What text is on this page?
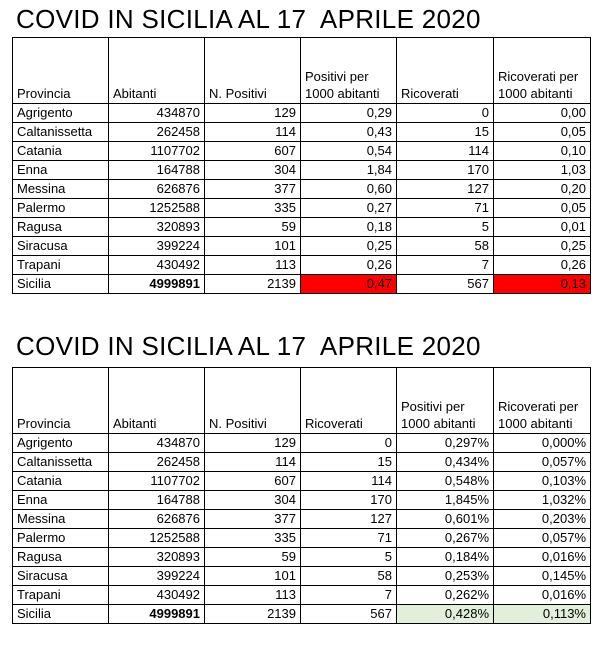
COVID IN SICILIA AL 17  APRILE 2020
Provincia	Abitanti	N. Positivi	Positivi per 1000 abitanti	Ricoverati	Ricoverati per 1000 abitanti
Agrigento	434870	129	0,29	0	0,00
Caltanissetta	262458	114	0,43	15	0,05
Catania	1107702	607	0,54	114	0,10
Enna	164788	304	1,84	170	1,03
Messina	626876	377	0,60	127	0,20
Palermo	1252588	335	0,27	71	0,05
Ragusa	320893	59	0,18	5	0,01
Siracusa	399224	101	0,25	58	0,25
Trapani	430492	113	0,26	7	0,26
Sicilia	4999891	2139	0,47	567	0,13
COVID IN SICILIA AL 17  APRILE 2020
Provincia	Abitanti	N. Positivi	Ricoverati	Positivi per 1000 abitanti	Ricoverati per 1000 abitanti
Agrigento	434870	129	0	0,297%	0,000%
Caltanissetta	262458	114	15	0,434%	0,057%
Catania	1107702	607	114	0,548%	0,103%
Enna	164788	304	170	1,845%	1,032%
Messina	626876	377	127	0,601%	0,203%
Palermo	1252588	335	71	0,267%	0,057%
Ragusa	320893	59	5	0,184%	0,016%
Siracusa	399224	101	58	0,253%	0,145%
Trapani	430492	113	7	0,262%	0,016%
Sicilia	4999891	2139	567	0,428%	0,113%
